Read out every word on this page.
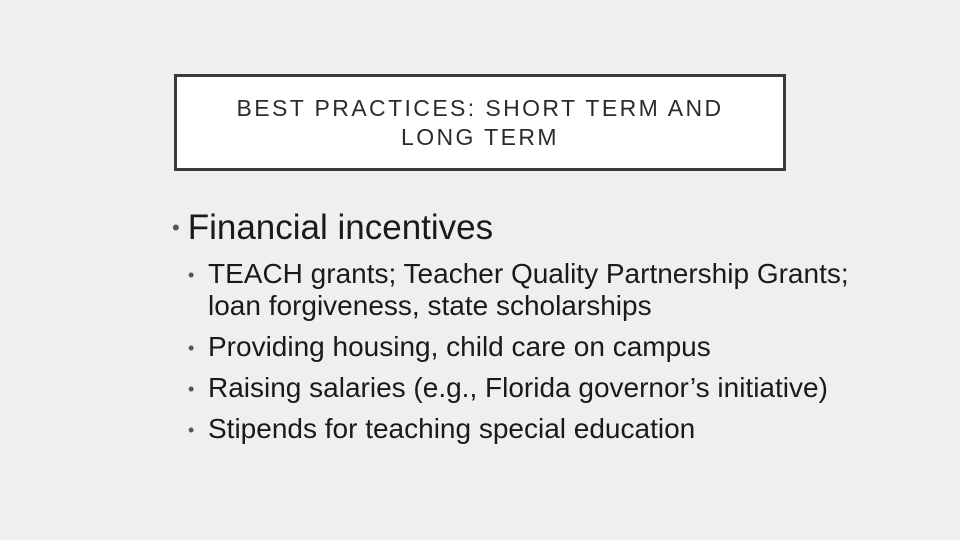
BEST PRACTICES: SHORT TERM AND
LONG TERM
• Financial incentives
• TEACH grants; Teacher Quality Partnership Grants; loan forgiveness, state scholarships
• Providing housing, child care on campus
• Raising salaries (e.g., Florida governor’s initiative)
• Stipends for teaching special education
